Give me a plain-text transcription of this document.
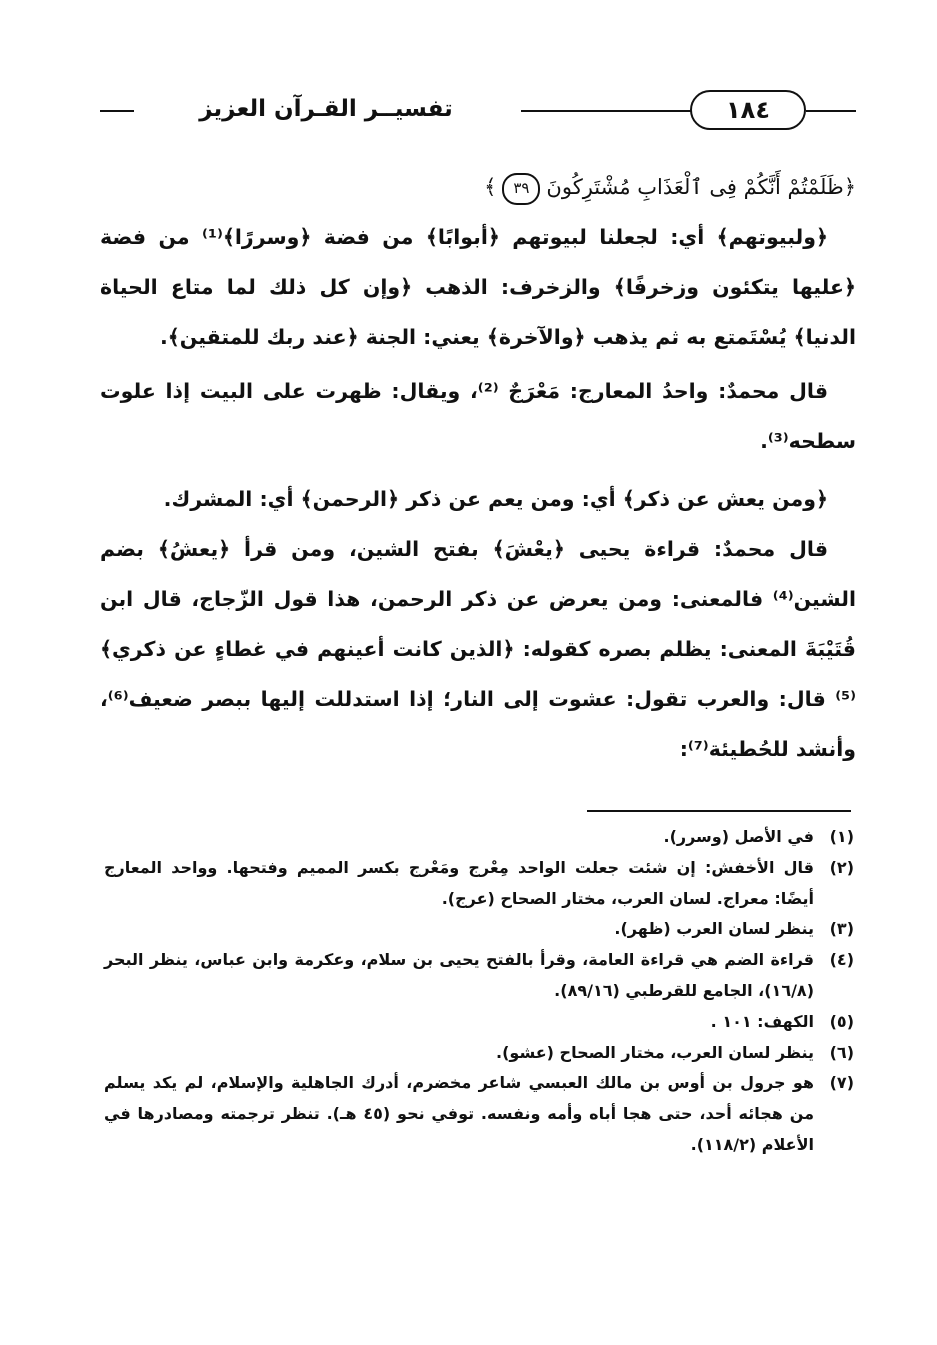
١٨٤
تفسيــر القـرآن العزيز
﴿ظَلَمْتُمْ أَنَّكُمْ فِى ٱلْعَذَابِ مُشْتَرِكُونَ٣٩﴾

﴿ولبيوتهم﴾ أي: لجعلنا لبيوتهم ﴿أبوابًا﴾ من فضة ﴿وسررًا﴾⁽¹⁾ من فضة ﴿عليها يتكئون وزخرفًا﴾ والزخرف: الذهب ﴿وإن كل ذلك لما متاع الحياة الدنيا﴾ يُسْتَمتع به ثم يذهب ﴿والآخرة﴾ يعني: الجنة ﴿عند ربك للمتقين﴾.

قال محمدٌ: واحدُ المعارج: مَعْرَجٌ ⁽²⁾، ويقال: ظهرت على البيت إذا علوت سطحه⁽³⁾.

﴿ومن يعش عن ذكر﴾ أي: ومن يعم عن ذكر ﴿الرحمن﴾ أي: المشرك.

قال محمدٌ: قراءة يحيى ﴿يعْشَ﴾ بفتح الشين، ومن قرأ ﴿يعشُ﴾ بضم الشين⁽⁴⁾ فالمعنى: ومن يعرض عن ذكر الرحمن، هذا قول الزّجاج، قال ابن قُتَيْبَةَ المعنى: يظلم بصره كقوله: ﴿الذين كانت أعينهم في غطاءٍ عن ذكري﴾⁽⁵⁾ قال: والعرب تقول: عشوت إلى النار؛ إذا استدللت إليها ببصر ضعيف⁽⁶⁾، وأنشد للحُطيئة⁽⁷⁾:

(١)
في الأصل (وسرر).
(٢)
قال الأخفش: إن شئت جعلت الواحد مِعْرج ومَعْرج بكسر المميم وفتحها. وواحد المعارج أيضًا: معراج. لسان العرب، مختار الصحاح (عرج).
(٣)
ينظر لسان العرب (ظهر).
(٤)
قراءة الضم هي قراءة العامة، وقرأ بالفتح يحيى بن سلام، وعكرمة وابن عباس، ينظر البحر (١٦/٨)، الجامع للقرطبي (٨٩/١٦).
(٥)
الكهف: ١٠١ .
(٦)
ينظر لسان العرب، مختار الصحاح (عشو).
(٧)
هو جرول بن أوس بن مالك العبسي شاعر مخضرم، أدرك الجاهلية والإسلام، لم يكد يسلم من هجائه أحد، حتى هجا أباه وأمه ونفسه. توفي نحو (٤٥ هـ). تنظر ترجمته ومصادرها في الأعلام (١١٨/٢).
